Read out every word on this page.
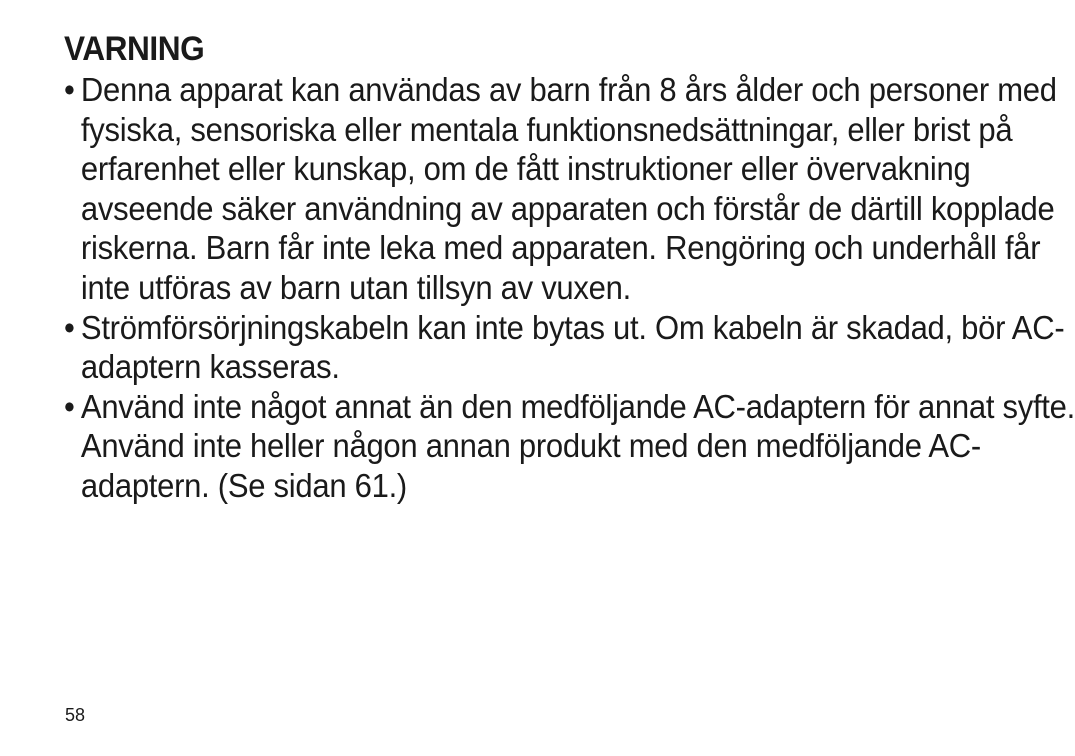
VARNING
• Denna apparat kan användas av barn från 8 års ålder och personer med fysiska, sensoriska eller mentala funktionsnedsättningar, eller brist på erfarenhet eller kunskap, om de fått instruktioner eller övervakning avseende säker användning av apparaten och förstår de därtill kopplade riskerna. Barn får inte leka med apparaten. Rengöring och underhåll får inte utföras av barn utan tillsyn av vuxen.
• Strömförsörjningskabeln kan inte bytas ut. Om kabeln är skadad, bör AC-adaptern kasseras.
• Använd inte något annat än den medföljande AC-adaptern för annat syfte. Använd inte heller någon annan produkt med den medföljande AC-adaptern. (Se sidan 61.)
58
